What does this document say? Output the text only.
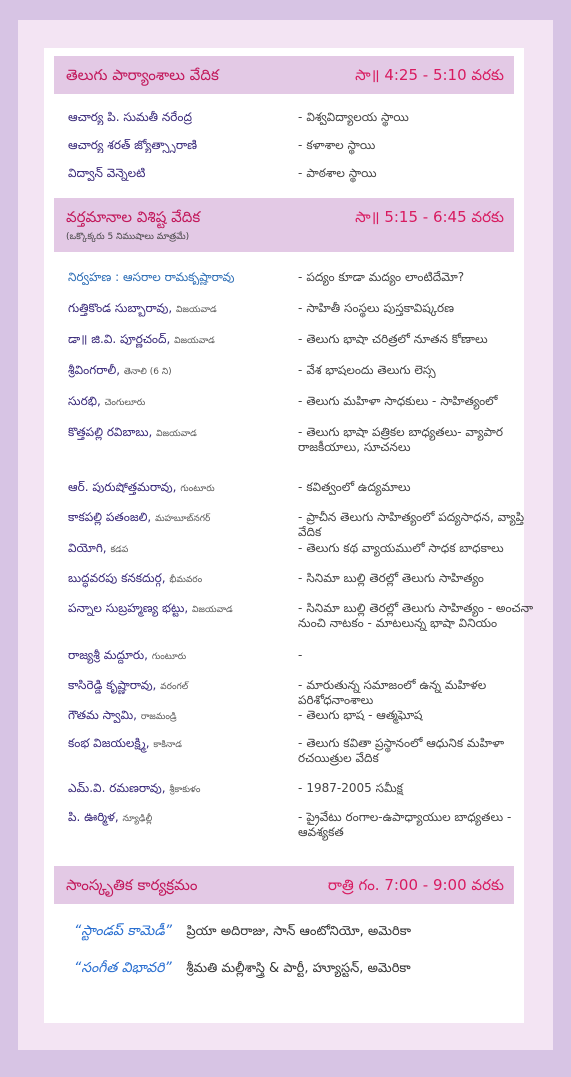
తెలుగు పార్యాంశాలు వేదిక	సా॥ 4:25 - 5:10 వరకు
ఆచార్య పి. సుమతీ నరేంద్ర	- విశ్వవిద్యాలయ స్థాయి
ఆచార్య శరత్ జ్యోత్స్నారాణి	- కళాశాల స్థాయి
విద్వాన్ వెన్నెలటి	- పాఠశాల స్థాయి
వర్తమానాల విశిష్ట వేదిక
(ఒక్కొక్కరు 5 నిముషాలు మాత్రమే)
సా॥ 5:15 - 6:45 వరకు
నిర్వహణ : ఆసరాల రామకృష్ణారావు	- పద్యం కూడా మద్యం లాంటిదేమో?
గుత్తికొండ సుబ్బారావు, విజయవాడ	- సాహితీ సంస్థలు పుస్తకావిష్కరణ
డా॥ జి.వి. పూర్ణచంద్, విజయవాడ	- తెలుగు భాషా చరిత్రలో నూతన కోణాలు
శ్రీవింగరాలీ, తెనాలి (6 ని)	- వేశ భాషలందు తెలుగు లెస్స
సురభి, చెంగులూరు	- తెలుగు మహిళా సాధకులు - సాహిత్యంలో
కొత్తపల్లి రవిబాబు, విజయవాడ	- తెలుగు భాషా పత్రికల బాధ్యతలు- వ్యాపార రాజకీయాలు, సూచనలు
ఆర్. పురుషోత్తమరావు, గుంటూరు	- కవిత్వంలో ఉద్యమాలు
కాకపల్లి పతంజలి, మహబూబ్‌నగర్	- ప్రాచీన తెలుగు సాహిత్యంలో పద్యసాధన, వ్యాప్తి వేదిక
వియోగి, కడప	- తెలుగు కథ వ్యాయములో సాధక బాధకాలు
బుద్ధవరపు కనకదుర్గ, భీమవరం	- సినిమా బుల్లి తెరల్లో తెలుగు సాహిత్యం
పన్నాల సుబ్రహ్మణ్య భట్టు, విజయవాడ	- సినిమా బుల్లి తెరల్లో తెలుగు సాహిత్యం - అంచనా నుంచి నాటకం - మాటలున్న భాషా వినియం
రాజ్యశ్రీ మద్దూరు, గుంటూరు	-
కాసిరెడ్డి కృష్ణారావు, వరంగల్	- మారుతున్న సమాజంలో ఉన్న మహిళల పరిశోధనాంశాలు
గౌతమ స్వామి, రాజమండ్రి	- తెలుగు భాష - ఆత్మఘోష
కంభ విజయలక్ష్మి, కాకినాడ	- తెలుగు కవితా ప్రస్థానంలో ఆధునిక మహిళా రచయిత్రుల వేదిక
ఎమ్.వి. రమణరావు, శ్రీకాకుళం	- 1987-2005 సమీక్ష
పి. ఊర్మిళ, న్యూఢిల్లీ	- ప్రైవేటు రంగాల-ఉపాధ్యాయుల బాధ్యతలు - ఆవశ్యకత
సాంస్కృతిక కార్యక్రమం	రాత్రి గం. 7:00 - 9:00 వరకు
“స్టాండప్ కామెడీ” ప్రియా అదిరాజు, సాన్ ఆంటోనియో, అమెరికా
“సంగీత విభావరి” శ్రీమతి మల్లీశాస్త్రి & పార్టీ, హ్యూస్టన్, అమెరికా
